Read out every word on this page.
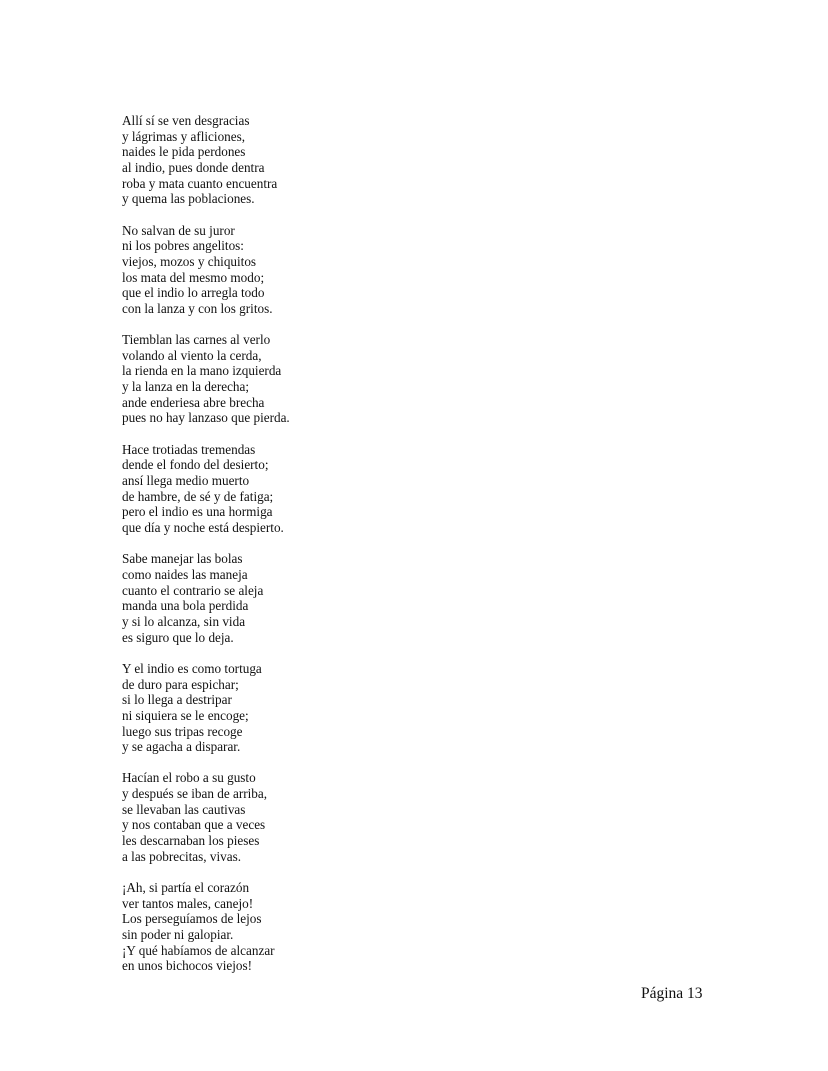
Allí sí se ven desgracias
y lágrimas y afliciones,
naides le pida perdones
al indio, pues donde dentra
roba y mata cuanto encuentra
y quema las poblaciones.
No salvan de su juror
ni los pobres angelitos:
viejos, mozos y chiquitos
los mata del mesmo modo;
que el indio lo arregla todo
con la lanza y con los gritos.
Tiemblan las carnes al verlo
volando al viento la cerda,
la rienda en la mano izquierda
y la lanza en la derecha;
ande enderiesa abre brecha
pues no hay lanzaso que pierda.
Hace trotiadas tremendas
dende el fondo del desierto;
ansí llega medio muerto
de hambre, de sé y de fatiga;
pero el indio es una hormiga
que día y noche está despierto.
Sabe manejar las bolas
como naides las maneja
cuanto el contrario se aleja
manda una bola perdida
y si lo alcanza, sin vida
es siguro que lo deja.
Y el indio es como tortuga
de duro para espichar;
si lo llega a destripar
ni siquiera se le encoge;
luego sus tripas recoge
y se agacha a disparar.
Hacían el robo a su gusto
y después se iban de arriba,
se llevaban las cautivas
y nos contaban que a veces
les descarnaban los pieses
a las pobrecitas, vivas.
¡Ah, si partía el corazón
ver tantos males, canejo!
Los perseguíamos de lejos
sin poder ni galopiar.
¡Y qué habíamos de alcanzar
en unos bichocos viejos!
Página 13
